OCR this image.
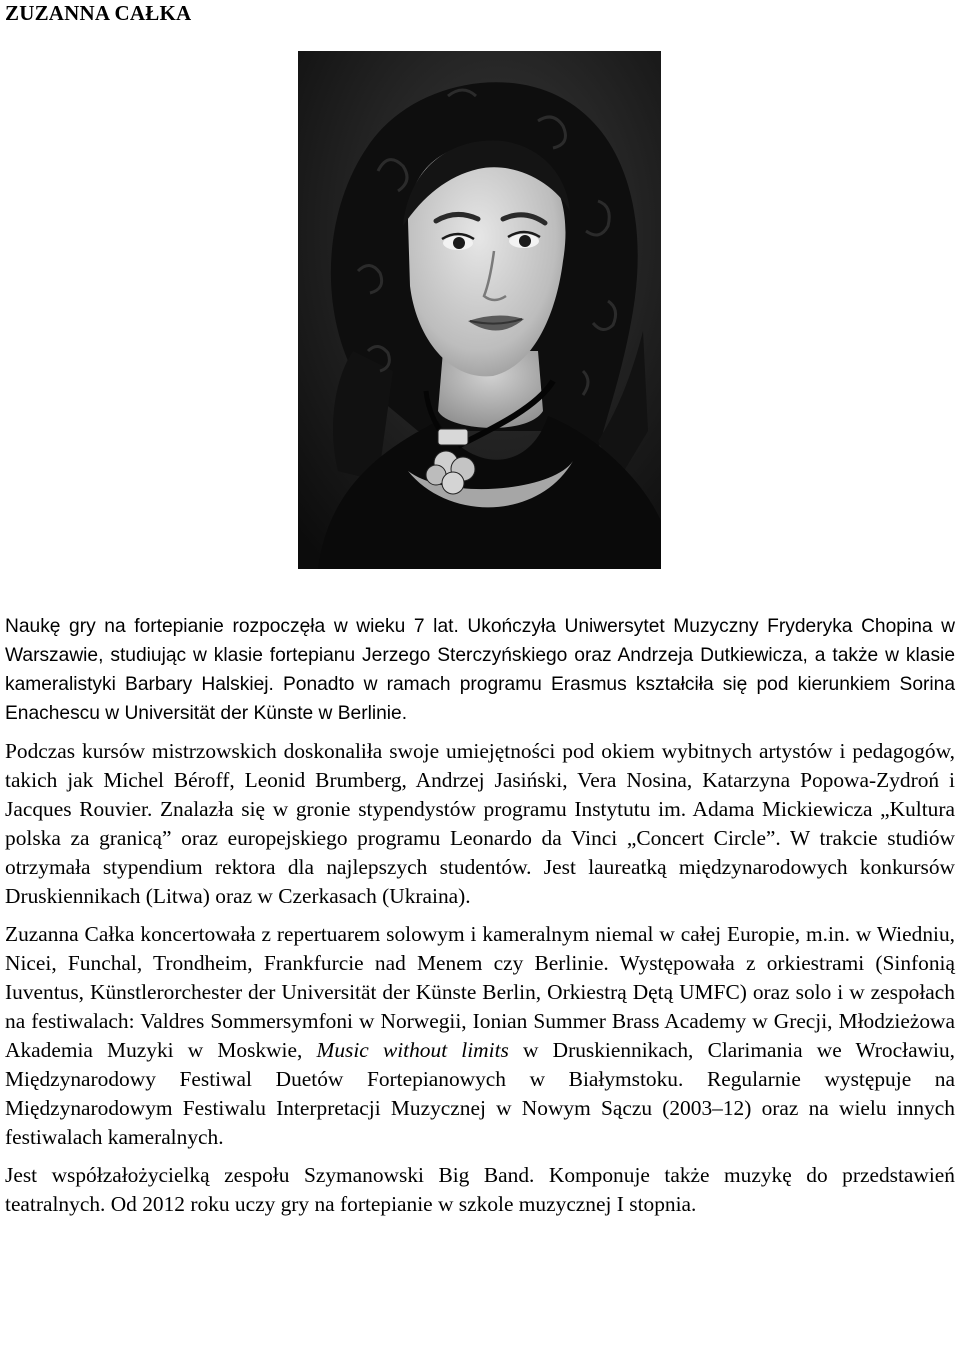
ZUZANNA CAŁKA

Naukę gry na fortepianie rozpoczęła w wieku 7 lat. Ukończyła Uniwersytet Muzyczny Fryderyka Chopina w Warszawie, studiując w klasie fortepianu Jerzego Sterczyńskiego oraz Andrzeja Dutkiewicza, a także w klasie kameralistyki Barbary Halskiej. Ponadto w ramach programu Erasmus kształciła się pod kierunkiem Sorina Enachescu w Universität der Künste w Berlinie.

Podczas kursów mistrzowskich doskonaliła swoje umiejętności pod okiem wybitnych artystów i pedagogów, takich jak Michel Béroff, Leonid Brumberg, Andrzej Jasiński, Vera Nosina, Katarzyna Popowa-Zydroń i Jacques Rouvier. Znalazła się w gronie stypendystów programu Instytutu im. Adama Mickiewicza „Kultura polska za granicą” oraz europejskiego programu Leonardo da Vinci „Concert Circle”. W trakcie studiów otrzymała stypendium rektora dla najlepszych studentów. Jest laureatką międzynarodowych konkursów Druskiennikach (Litwa) oraz w Czerkasach (Ukraina).

Zuzanna Całka koncertowała z repertuarem solowym i kameralnym niemal w całej Europie, m.in. w Wiedniu, Nicei, Funchal, Trondheim, Frankfurcie nad Menem czy Berlinie. Występowała z orkiestrami (Sinfonią Iuventus, Künstlerorchester der Universität der Künste Berlin, Orkiestrą Dętą UMFC) oraz solo i w zespołach na festiwalach: Valdres Sommersymfoni w Norwegii, Ionian Summer Brass Academy w Grecji, Młodzieżowa Akademia Muzyki w Moskwie, Music without limits w Druskiennikach, Clarimania we Wrocławiu, Międzynarodowy Festiwal Duetów Fortepianowych w Białymstoku. Regularnie występuje na Międzynarodowym Festiwalu Interpretacji Muzycznej w Nowym Sączu (2003–12) oraz na wielu innych festiwalach kameralnych.

Jest współzałożycielką zespołu Szymanowski Big Band. Komponuje także muzykę do przedstawień teatralnych. Od 2012 roku uczy gry na fortepianie w szkole muzycznej I stopnia.
